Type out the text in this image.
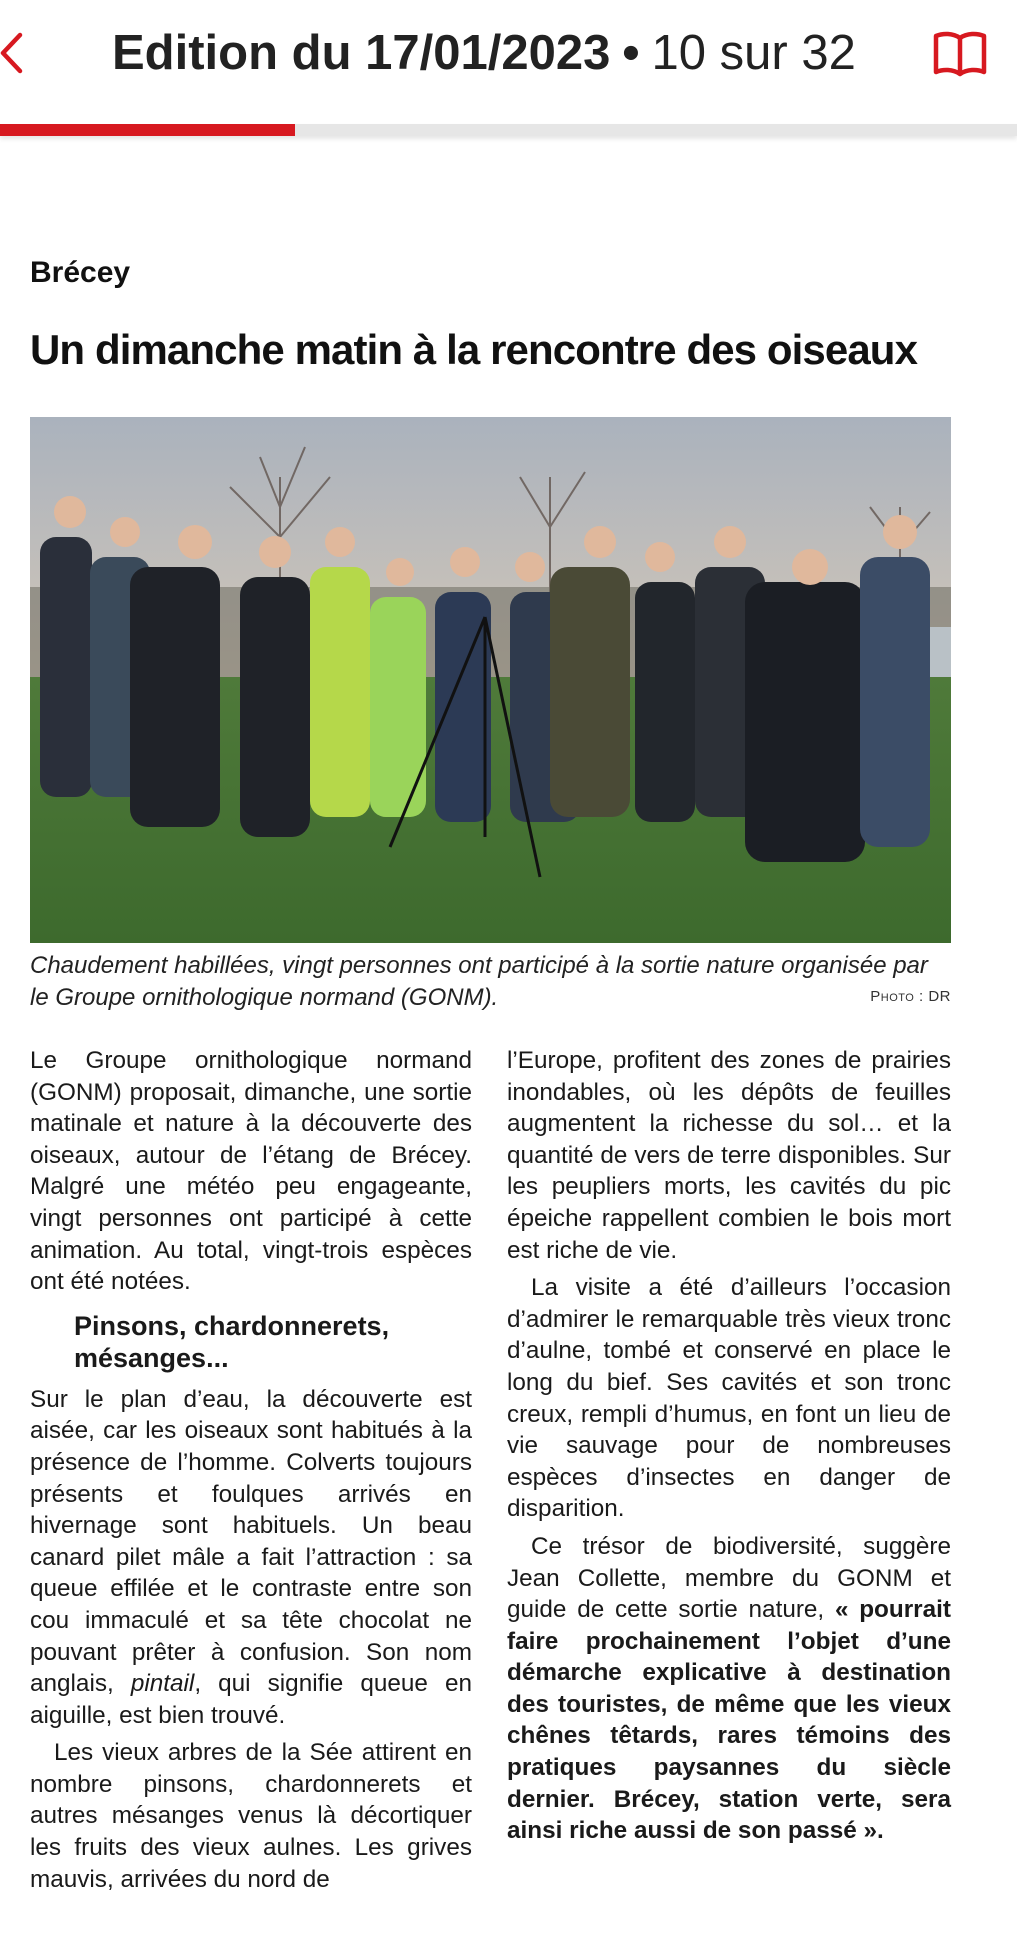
Edition du 17/01/2023 • 10 sur 32
Brécey
Un dimanche matin à la rencontre des oiseaux
Chaudement habillées, vingt personnes ont participé à la sortie nature organisée par le Groupe ornithologique normand (GONM).	Photo : DR

Le Groupe ornithologique normand (GONM) proposait, dimanche, une sortie matinale et nature à la découverte des oiseaux, autour de l’étang de Brécey. Malgré une météo peu engageante, vingt personnes ont participé à cette animation. Au total, vingt-trois espèces ont été notées.

Pinsons, chardonnerets, mésanges...

Sur le plan d’eau, la découverte est aisée, car les oiseaux sont habitués à la présence de l’homme. Colverts toujours présents et foulques arrivés en hivernage sont habituels. Un beau canard pilet mâle a fait l’attraction : sa queue effilée et le contraste entre son cou immaculé et sa tête chocolat ne pouvant prêter à confusion. Son nom anglais, pintail, qui signifie queue en aiguille, est bien trouvé.

Les vieux arbres de la Sée attirent en nombre pinsons, chardonnerets et autres mésanges venus là décortiquer les fruits des vieux aulnes. Les grives mauvis, arrivées du nord de

l’Europe, profitent des zones de prairies inondables, où les dépôts de feuilles augmentent la richesse du sol… et la quantité de vers de terre disponibles. Sur les peupliers morts, les cavités du pic épeiche rappellent combien le bois mort est riche de vie.

La visite a été d’ailleurs l’occasion d’admirer le remarquable très vieux tronc d’aulne, tombé et conservé en place le long du bief. Ses cavités et son tronc creux, rempli d’humus, en font un lieu de vie sauvage pour de nombreuses espèces d’insectes en danger de disparition.

Ce trésor de biodiversité, suggère Jean Collette, membre du GONM et guide de cette sortie nature, « pourrait faire prochainement l’objet d’une démarche explicative à destination des touristes, de même que les vieux chênes têtards, rares témoins des pratiques paysannes du siècle dernier. Brécey, station verte, sera ainsi riche aussi de son passé ».
